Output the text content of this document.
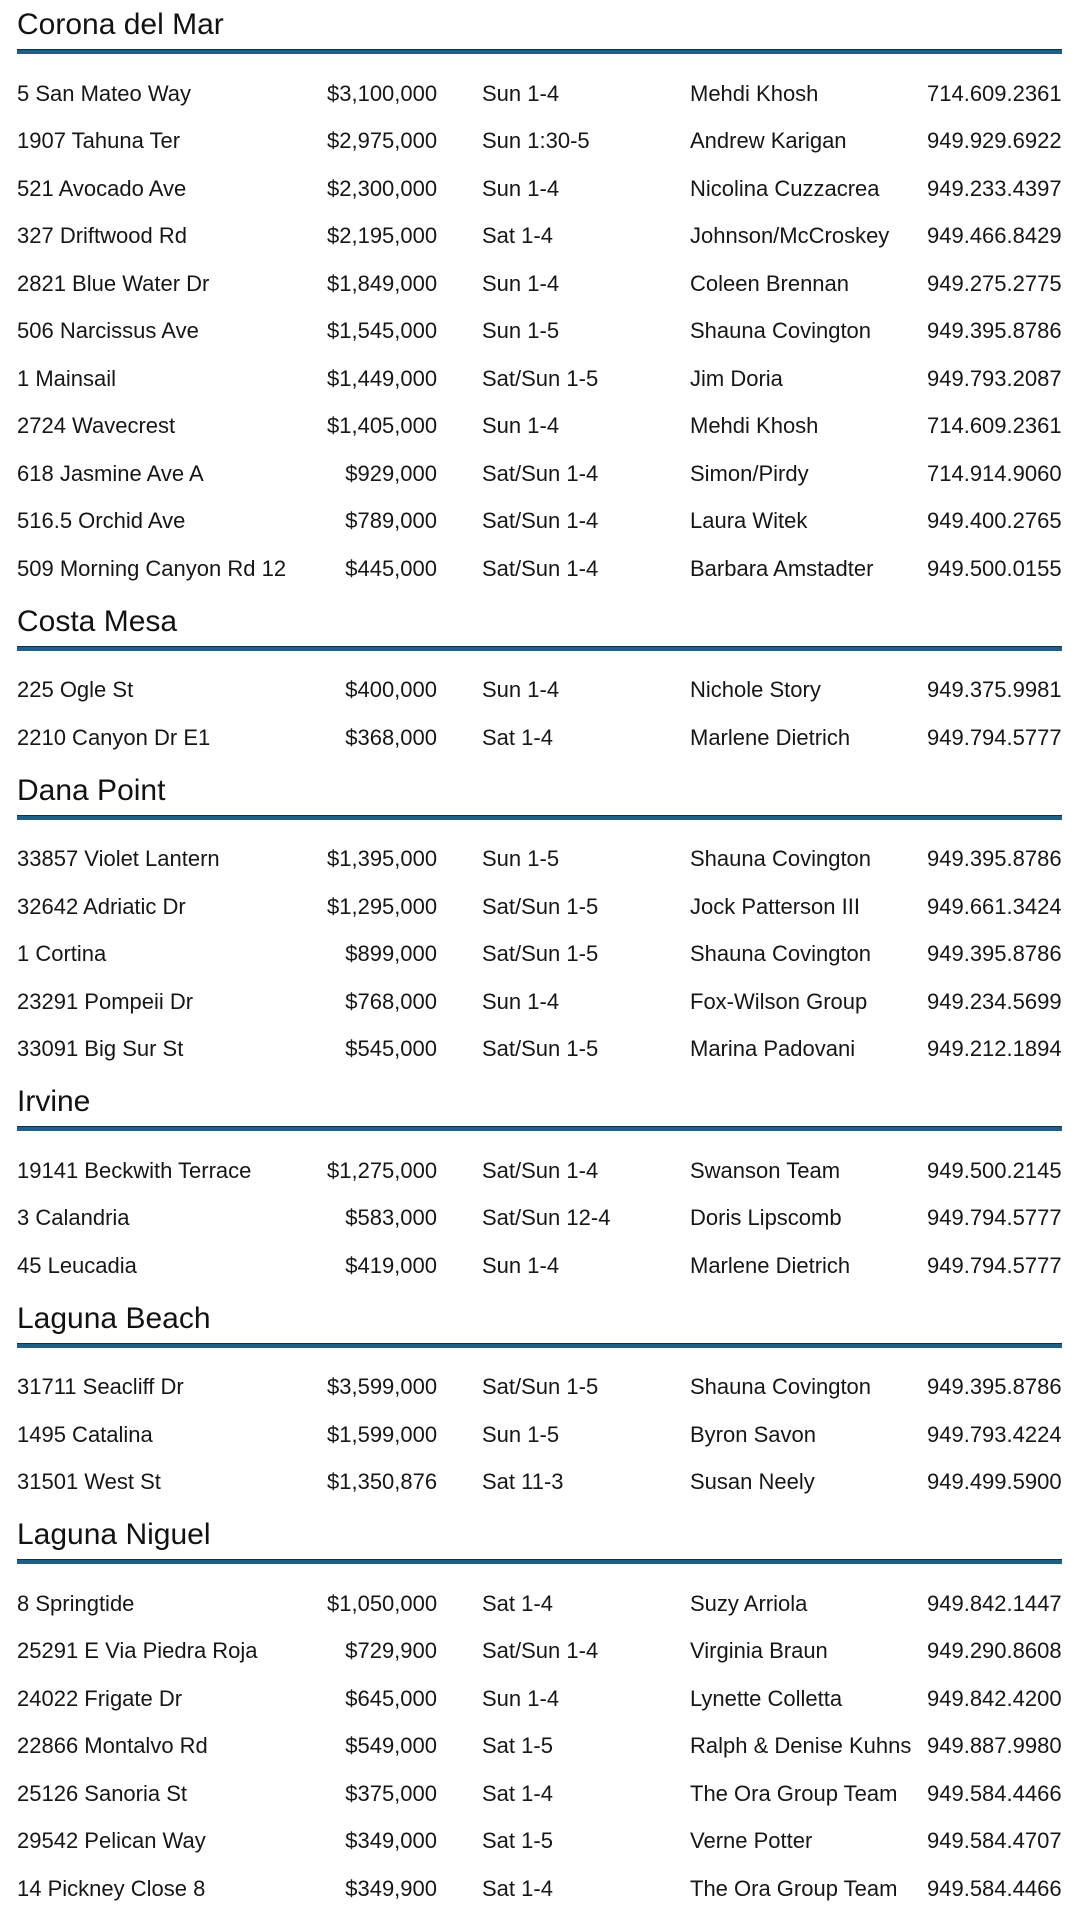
Corona del Mar
5 San Mateo Way	$3,100,000	Sun 1-4	Mehdi Khosh	714.609.2361
1907 Tahuna Ter	$2,975,000	Sun 1:30-5	Andrew Karigan	949.929.6922
521 Avocado Ave	$2,300,000	Sun 1-4	Nicolina Cuzzacrea	949.233.4397
327 Driftwood Rd	$2,195,000	Sat 1-4	Johnson/McCroskey	949.466.8429
2821 Blue Water Dr	$1,849,000	Sun 1-4	Coleen Brennan	949.275.2775
506 Narcissus Ave	$1,545,000	Sun 1-5	Shauna Covington	949.395.8786
1 Mainsail	$1,449,000	Sat/Sun 1-5	Jim Doria	949.793.2087
2724 Wavecrest	$1,405,000	Sun 1-4	Mehdi Khosh	714.609.2361
618 Jasmine Ave A	$929,000	Sat/Sun 1-4	Simon/Pirdy	714.914.9060
516.5 Orchid Ave	$789,000	Sat/Sun 1-4	Laura Witek	949.400.2765
509 Morning Canyon Rd 12	$445,000	Sat/Sun 1-4	Barbara Amstadter	949.500.0155
Costa Mesa
225 Ogle St	$400,000	Sun 1-4	Nichole Story	949.375.9981
2210 Canyon Dr E1	$368,000	Sat 1-4	Marlene Dietrich	949.794.5777
Dana Point
33857 Violet Lantern	$1,395,000	Sun 1-5	Shauna Covington	949.395.8786
32642 Adriatic Dr	$1,295,000	Sat/Sun 1-5	Jock Patterson III	949.661.3424
1 Cortina	$899,000	Sat/Sun 1-5	Shauna Covington	949.395.8786
23291 Pompeii Dr	$768,000	Sun 1-4	Fox-Wilson Group	949.234.5699
33091 Big Sur St	$545,000	Sat/Sun 1-5	Marina Padovani	949.212.1894
Irvine
19141 Beckwith Terrace	$1,275,000	Sat/Sun 1-4	Swanson Team	949.500.2145
3 Calandria	$583,000	Sat/Sun 12-4	Doris Lipscomb	949.794.5777
45 Leucadia	$419,000	Sun 1-4	Marlene Dietrich	949.794.5777
Laguna Beach
31711 Seacliff Dr	$3,599,000	Sat/Sun 1-5	Shauna Covington	949.395.8786
1495 Catalina	$1,599,000	Sun 1-5	Byron Savon	949.793.4224
31501 West St	$1,350,876	Sat 11-3	Susan Neely	949.499.5900
Laguna Niguel
8 Springtide	$1,050,000	Sat 1-4	Suzy Arriola	949.842.1447
25291 E Via Piedra Roja	$729,900	Sat/Sun 1-4	Virginia Braun	949.290.8608
24022 Frigate Dr	$645,000	Sun 1-4	Lynette Colletta	949.842.4200
22866 Montalvo Rd	$549,000	Sat 1-5	Ralph & Denise Kuhns 949.887.9980
25126 Sanoria St	$375,000	Sat 1-4	The Ora Group Team	949.584.4466
29542 Pelican Way	$349,000	Sat 1-5	Verne Potter	949.584.4707
14 Pickney Close 8	$349,900	Sat 1-4	The Ora Group Team	949.584.4466
